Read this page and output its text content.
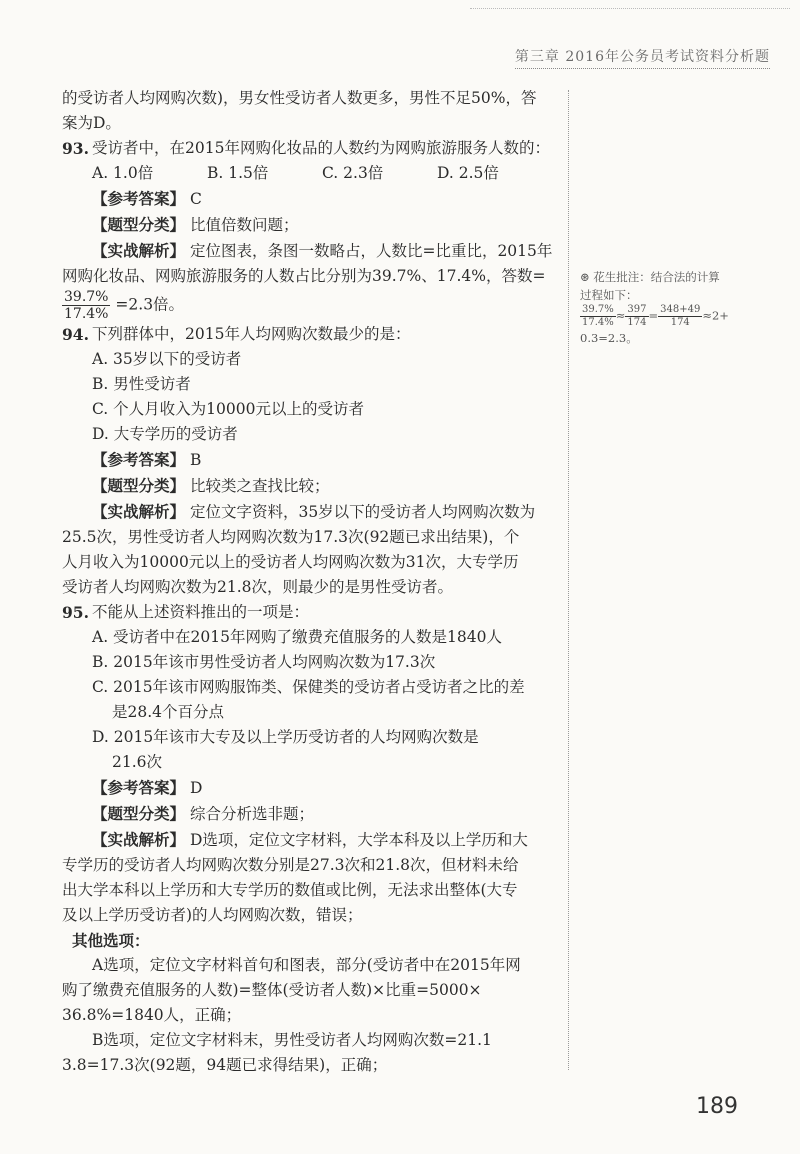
第三章 2016年公务员考试资料分析题

的受访者人均网购次数)，男女性受访者人数更多，男性不足50%，答

案为D。

93. 受访者中，在2015年网购化妆品的人数约为网购旅游服务人数的：
A. 1.0倍	B. 1.5倍	C. 2.3倍	D. 2.5倍

【参考答案】 C

【题型分类】 比值倍数问题；

【实战解析】 定位图表，条图一数略占，人数比=比重比，2015年

网购化妆品、网购旅游服务的人数占比分别为39.7%、17.4%，答数=

$\frac{39.7\%}{17.4\%} =2.3$倍。

94. 下列群体中，2015年人均网购次数最少的是：

A. 35岁以下的受访者

B. 男性受访者

C. 个人月收入为10000元以上的受访者

D. 大专学历的受访者

【参考答案】 B

【题型分类】 比较类之查找比较；

【实战解析】 定位文字资料，35岁以下的受访者人均网购次数为

25.5次，男性受访者人均网购次数为17.3次(92题已求出结果)，个

人月收入为10000元以上的受访者人均网购次数为31次，大专学历

受访者人均网购次数为21.8次，则最少的是男性受访者。

95. 不能从上述资料推出的一项是：

A. 受访者中在2015年网购了缴费充值服务的人数是1840人

B. 2015年该市男性受访者人均网购次数为17.3次

C. 2015年该市网购服饰类、保健类的受访者占受访者之比的差

是28.4个百分点

D. 2015年该市大专及以上学历受访者的人均网购次数是

21.6次

【参考答案】 D

【题型分类】 综合分析选非题；

【实战解析】 D选项，定位文字材料，大学本科及以上学历和大

专学历的受访者人均网购次数分别是27.3次和21.8次，但材料未给

出大学本科以上学历和大专学历的数值或比例，无法求出整体(大专

及以上学历受访者)的人均网购次数，错误；

其他选项：

A选项，定位文字材料首句和图表，部分(受访者中在2015年网

购了缴费充值服务的人数)=整体(受访者人数)×比重=5000×

36.8%=1840人，正确；

B选项，定位文字材料末，男性受访者人均网购次数=21.1

3.8=17.3次(92题，94题已求得结果)，正确；

⊛ 花生批注：结合法的计算
过程如下：
$\frac{39.7\%}{17.4\%} \approx \frac{397}{174} = \frac{348+49}{174} \approx 2+$
0.3=2.3。
189
